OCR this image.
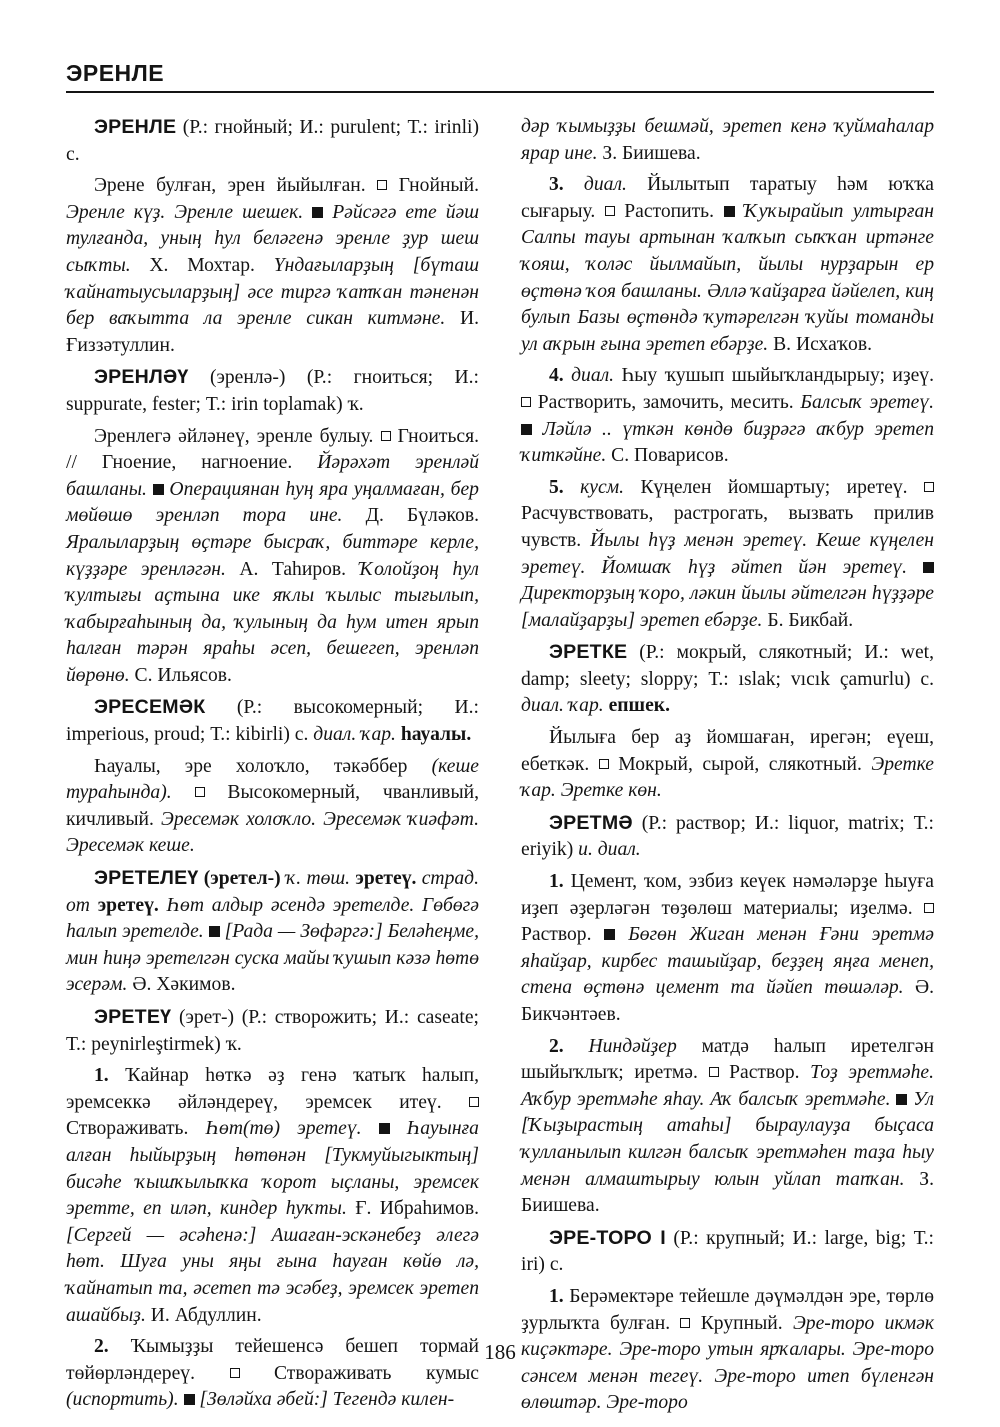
ЭРЕНЛЕ

ЭРЕНЛЕ (Р.: гнойный; И.: purulent; Т.: irinli) с.

Эрене булған, эрен йыйылған.  Гнойный. Эренле күҙ. Эренле шешек.  Рәйсәгә ете йәш тулғанда, уның һул беләгенә эренле ҙур шеш сыҡты. Х. Мохтар. Үндағыларҙың [бүташ ҡайнатыусыларҙың] әсе тиргә ҡатҡан тәненән бер ваҡытта ла эренле сикан китмәне. И. Ғиззәтуллин.

ЭРЕНЛӘҮ (эренлә-) (Р.: гноиться; И.: suppurate, fester; Т.: irin toplamak) ҡ.

Эренлегә әйләнеү, эренле булыу.  Гноиться. // Гноение, нагноение. Йәрәхәт эренләй башланы.  Операциянан һуң яра уңалмаған, бер мөйөшө эренләп тора ине. Д. Бүләков. Яралыларҙың өҫтәре бысраҡ, биттәре керле, күҙҙәре эренләгән. А. Таһиров. Ҡолойҙоң һул ҡултығы аҫтына ике яҡлы ҡылыс тығылып, ҡабырғаһының да, ҡулының да һум итен ярып һалған тәрән яраһы әсеп, бешегеп, эренләп йөрөнө. С. Ильясов.

ЭРЕСЕМӘК (Р.: высокомерный; И.: imperious, proud; Т.: kibirli) с. диал. ҡар. һауалы.

Һауалы, эре холоҡло, тәкәббер (кеше тураһында).  Высокомерный, чванливый, кичливый. Эресемәк холоҡло. Эресемәк ҡиәфәт. Эресемәк кеше.

ЭРЕТЕЛЕҮ (эретел-) ҡ. төш. эретеү. страд. от эретеү. Һөт алдыр әсендә эретелде. Гөбөгә һалып эретелде.  [Рада — Зөфәргә:] Беләһеңме, мин һиңә эретелгән суска майы ҡушып кәзә һөтө эсерәм. Ә. Хәкимов.

ЭРЕТЕҮ (эрет-) (Р.: створожить; И.: caseate; Т.: peynirleştirmek) ҡ.

1. Ҡайнар һөткә әҙ генә ҡатыҡ һалып, эремсеккә әйләндереү, эремсек итеү.  Створаживать. Һөт(тө) эретеү.  Һауынға алған һыйырҙың һөтөнән [Тукмуйыгыктың] бисәһе ҡышҡылыҡка ҡорот ыҫланы, эремсек эретте, еп иләп, киндер һуҡты. Ғ. Ибраһимов. [Сергей — әсәһенә:] Ашаған-эскәнебеҙ әлегә һөт. Шуға уны яңы ғына һауған көйө лә, ҡайнатып та, әсетеп тә эсәбеҙ, эремсек эретеп ашайбыҙ. И. Абдуллин.

2. Ҡымыҙҙы тейешенсә бешеп тормай төйөрләндереү.  Створаживать кумыс (испортить).  [Зөләйха әбей:] Тегендә килен-

дәр ҡымыҙҙы бешмәй, эретеп кенә ҡуймаһалар ярар ине. З. Биишева.

3. диал. Йылытып таратыу һәм юҡҡа сығарыу.  Растопить.  Ҡуҡырайып ултырған Салпы тауы артынан ҡалҡып сыҡҡан иртәнге ҡояш, ҡоләс йылмайып, йылы нурҙарын ер өҫтөнә ҡоя башланы. Әллә ҡайҙарға йәйелеп, киң булып Базы өҫтөндә ҡутәрелгән ҡуйы томанды ул аҡрын ғына эретеп ебәрҙе. В. Исхаҡов.

4. диал. Һыу ҡушып шыйыҡландырыу; иҙеү.  Растворить, замочить, месить. Балсыҡ эретеү.  Ләйлә .. үткән көндө биҙрәгә аҡбур эретеп ҡиткәйне. С. Поварисов.

5. кусм. Күңелен йомшартыу; иретеү.  Расчувствовать, растрогать, вызвать прилив чувств. Йылы һүҙ менән эретеү. Кеше күңелен эретеү. Йомшаҡ һүҙ әйтеп йән эретеү.  Директорҙың ҡоро, ләкин йылы әйтелгән һүҙҙәре [малайҙарҙы] эретеп ебәрҙе. Б. Бикбай.

ЭРЕТКЕ (Р.: мокрый, слякотный; И.: wet, damp; sleety; sloppy; Т.: ıslak; vıcık çamurlu) с. диал. ҡар. епшек.

Йылыға бер аҙ йомшаған, ирегән; еүеш, ебеткәк.  Мокрый, сырой, слякотный. Эретке ҡар. Эретке көн.

ЭРЕТМӘ (Р.: раствор; И.: liquor, matrix; Т.: eriyik) и. диал.

1. Цемент, ҡом, эзбиз кеүек нәмәләрҙе һыуға иҙеп әҙерләгән төҙөлөш материалы; иҙелмә.  Раствор.  Бөгөн Жиган менән Ғәни эретмә яһайҙар, кирбес ташыйҙар, беҙҙең яңға менеп, стена өҫтөнә цемент та йәйеп төшәләр. Ә. Бикчәнтәев.

2. Ниндәйҙер матдә һалып иретелгән шыйыҡлыҡ; иретмә.  Раствор. Тоҙ эретмәһе. Аҡбур эретмәһе яһау. Аҡ балсыҡ эретмәһе.  Ул [Ҡыҙырастың атаһы] быраулауҙа быҫаса ҡулланылып килгән балсыҡ эретмәһен таҙа һыу менән алмаштырыу юлын уйлап тапҡан. З. Биишева.

ЭРЕ-ТОРО I (Р.: крупный; И.: large, big; Т.: iri) с.

1. Берәмектәре тейешле дәүмәлдән эре, төрлө ҙурлыҡта булған.  Крупный. Эре-торо икмәк киҫәктәре. Эре-торо утын ярҡалары. Эре-торо сәнсем менән тегеү. Эре-торо итеп бүленгән өлөштәр. Эре-торо

186
